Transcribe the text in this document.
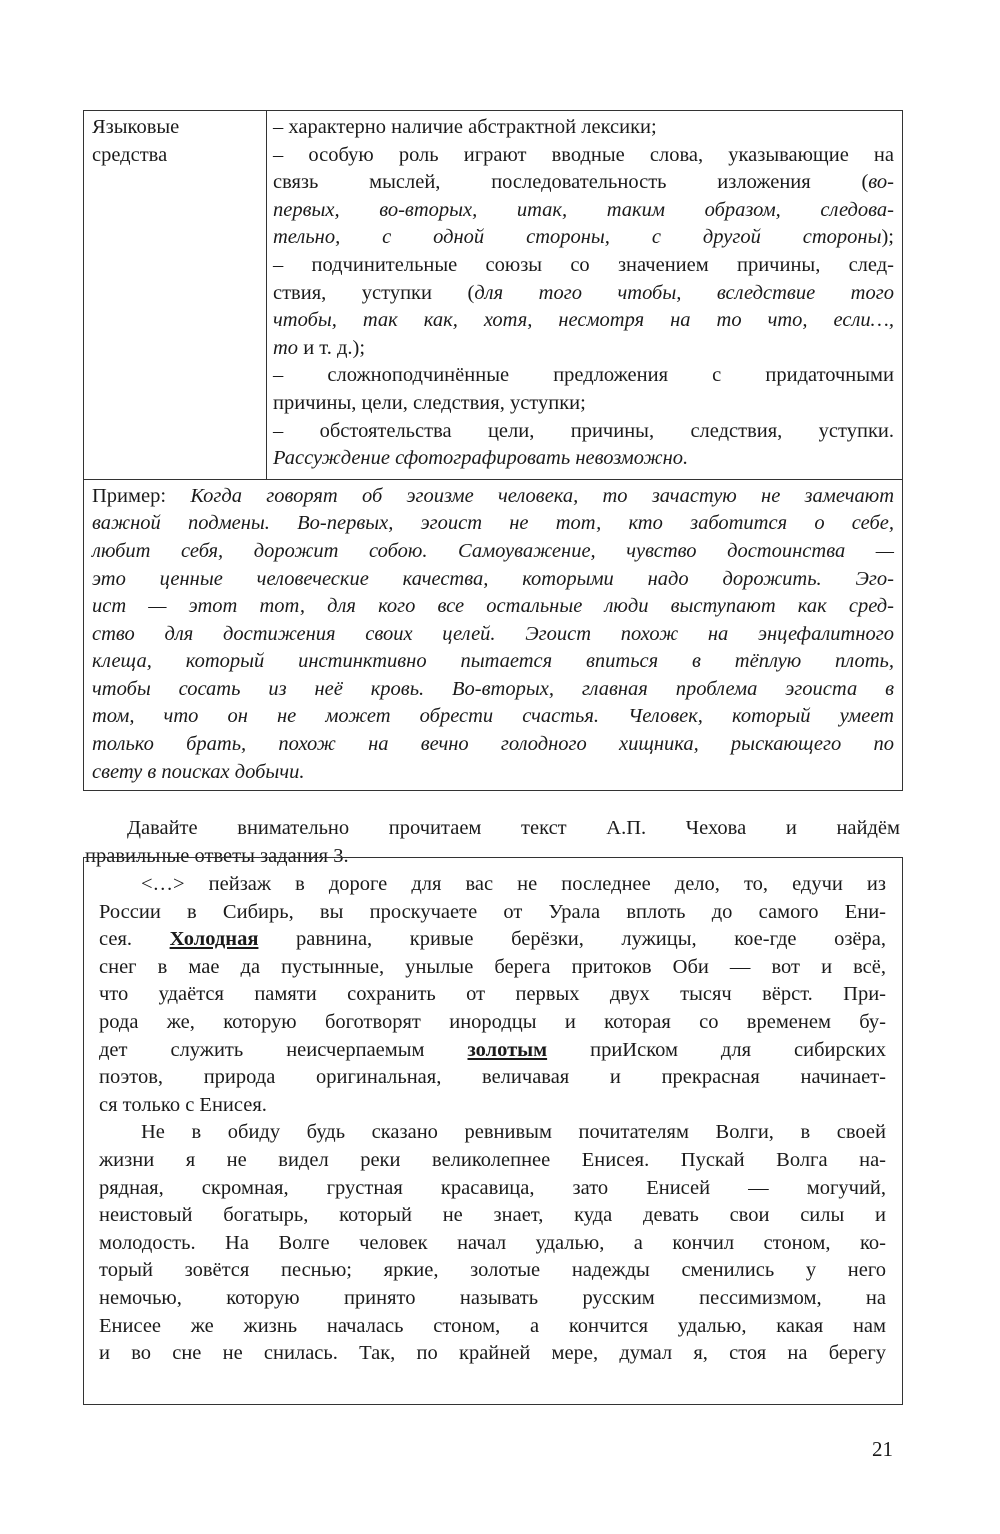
Языковые
средства
– характерно наличие абстрактной лексики;
– особую роль играют вводные слова, указывающие на
связь мыслей, последовательность изложения (во-
первых, во-вторых, итак, таким образом, следова-
тельно, с одной стороны, с другой стороны);
– подчинительные союзы со значением причины, след-
ствия, уступки (для того чтобы, вследствие того
чтобы, так как, хотя, несмотря на то что, если…,
то и т. д.);
– сложноподчинённые предложения с придаточными
причины, цели, следствия, уступки;
– обстоятельства цели, причины, следствия, уступки.
Рассуждение сфотографировать невозможно.
Пример: Когда говорят об эгоизме человека, то зачастую не замечают
важной подмены. Во-первых, эгоист не тот, кто заботится о себе,
любит себя, дорожит собою. Самоуважение, чувство достоинства —
это ценные человеческие качества, которыми надо дорожить. Эго-
ист — этот тот, для кого все остальные люди выступают как сред-
ство для достижения своих целей. Эгоист похож на энцефалитного
клеща, который инстинктивно пытается впиться в тёплую плоть,
чтобы сосать из неё кровь. Во-вторых, главная проблема эгоиста в
том, что он не может обрести счастья. Человек, который умеет
только брать, похож на вечно голодного хищника, рыскающего по
свету в поисках добычи.
Давайте внимательно прочитаем текст А.П. Чехова и найдём
правильные ответы задания 3.
<…> пейзаж в дороге для вас не последнее дело, то, едучи из
России в Сибирь, вы проскучаете от Урала вплоть до самого Ени-
сея. Холодная равнина, кривые берёзки, лужицы, кое-где озёра,
снег в мае да пустынные, унылые берега притоков Оби — вот и всё,
что удаётся памяти сохранить от первых двух тысяч вёрст. При-
рода же, которую боготворят инородцы и которая со временем бу-
дет служить неисчерпаемым золотым приИском для сибирских
поэтов, природа оригинальная, величавая и прекрасная начинает-
ся только с Енисея.
Не в обиду будь сказано ревнивым почитателям Волги, в своей
жизни я не видел реки великолепнее Енисея. Пускай Волга на-
рядная, скромная, грустная красавица, зато Енисей — могучий,
неистовый богатырь, который не знает, куда девать свои силы и
молодость. На Волге человек начал удалью, а кончил стоном, ко-
торый зовётся песнью; яркие, золотые надежды сменились у него
немочью, которую принято называть русским пессимизмом, на
Енисее же жизнь началась стоном, а кончится удалью, какая нам
и во сне не снилась. Так, по крайней мере, думал я, стоя на берегу
21
